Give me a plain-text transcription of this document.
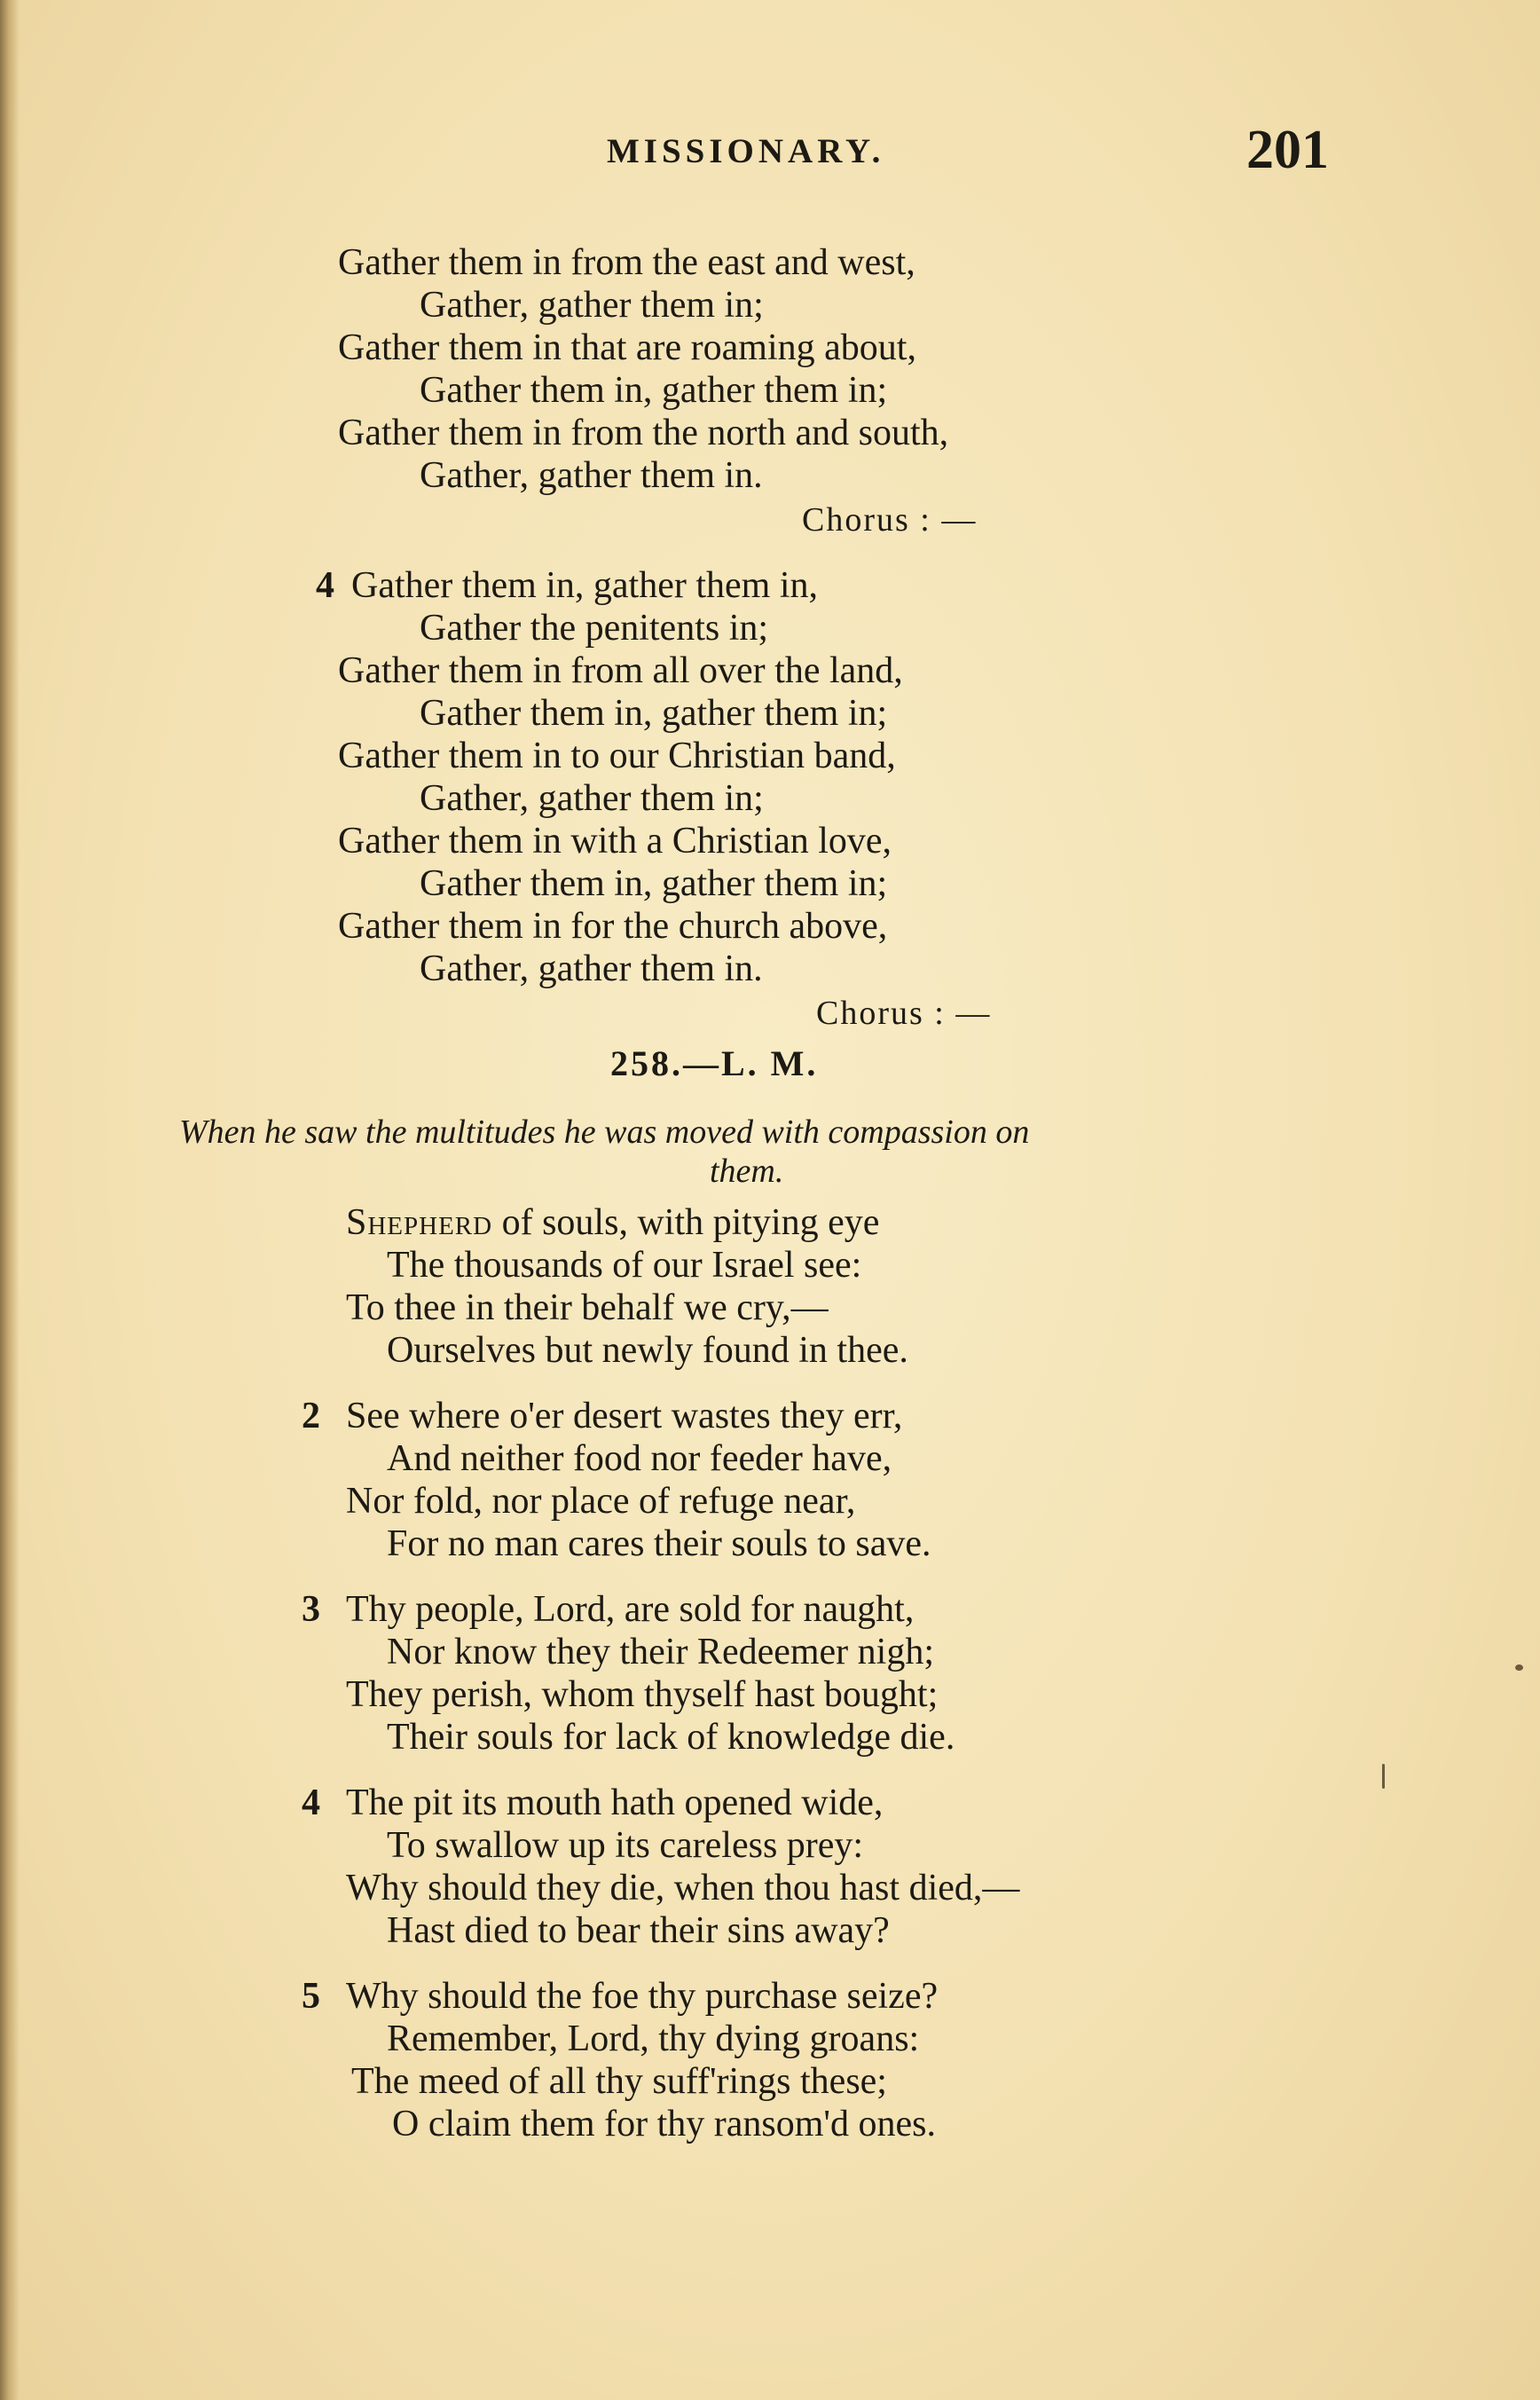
MISSIONARY.	201
Gather them in from the east and west,
Gather, gather them in;
Gather them in that are roaming about,
Gather them in, gather them in;
Gather them in from the north and south,
Gather, gather them in.
Chorus : —
4 Gather them in, gather them in,
Gather the penitents in;
Gather them in from all over the land,
Gather them in, gather them in;
Gather them in to our Christian band,
Gather, gather them in;
Gather them in with a Christian love,
Gather them in, gather them in;
Gather them in for the church above,
Gather, gather them in.
Chorus : —
258.—L. M.
When he saw the multitudes he was moved with compassion on
them.
Shepherd of souls, with pitying eye
The thousands of our Israel see:
To thee in their behalf we cry,—
Ourselves but newly found in thee.
2 See where o'er desert wastes they err,
And neither food nor feeder have,
Nor fold, nor place of refuge near,
For no man cares their souls to save.
3 Thy people, Lord, are sold for naught,
Nor know they their Redeemer nigh;
They perish, whom thyself hast bought;
Their souls for lack of knowledge die.
4 The pit its mouth hath opened wide,
To swallow up its careless prey:
Why should they die, when thou hast died,—
Hast died to bear their sins away?
5 Why should the foe thy purchase seize?
Remember, Lord, thy dying groans:
The meed of all thy suff'rings these;
O claim them for thy ransom'd ones.
